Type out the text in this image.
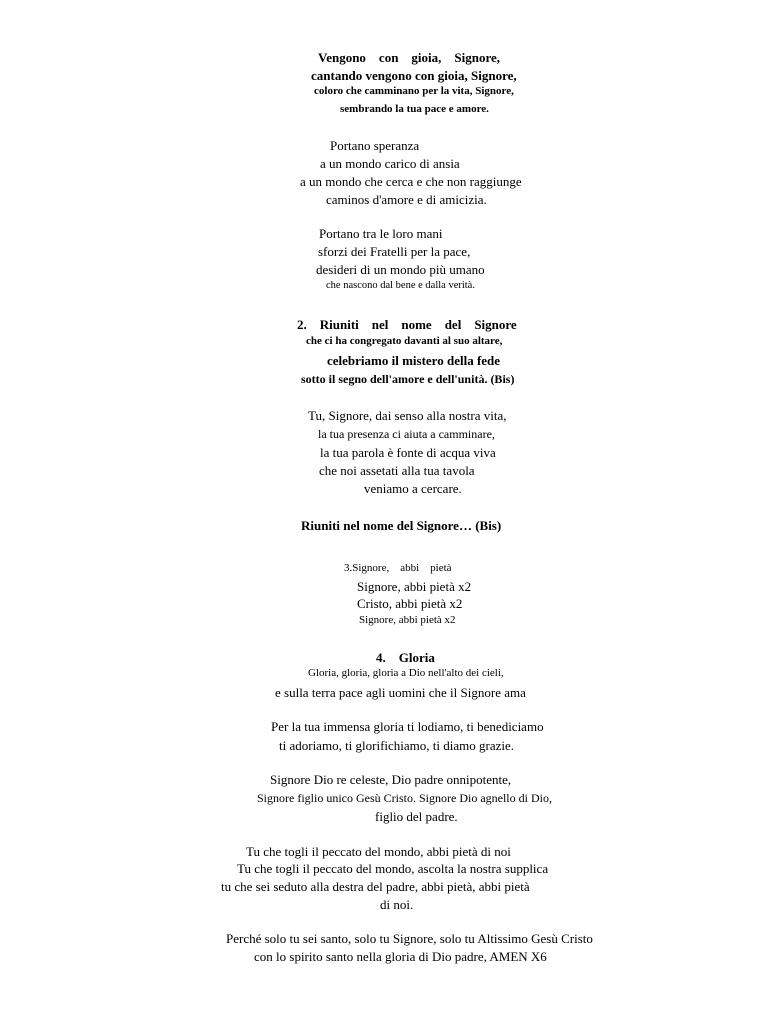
Vengono    con    gioia,    Signore,
cantando vengono con gioia, Signore,
coloro che camminano per la vita, Signore,
sembrando la tua pace e amore.
Portano speranza
a un mondo carico di ansia
a un mondo che cerca e che non raggiunge
caminos d'amore e di amicizia.
Portano tra le loro mani
sforzi dei Fratelli per la pace,
desideri di un mondo più umano
che nascono dal bene e dalla verità.
2.    Riuniti    nel    nome    del    Signore
che ci ha congregato davanti al suo altare,
celebriamo il mistero della fede
sotto il segno dell'amore e dell'unità. (Bis)
Tu, Signore, dai senso alla nostra vita,
la tua presenza ci aiuta a camminare,
la tua parola è fonte di acqua viva
che noi assetati alla tua tavola
veniamo a cercare.
Riuniti nel nome del Signore… (Bis)
3.Signore,    abbi    pietà
Signore, abbi pietà x2
Cristo, abbi pietà x2
Signore, abbi pietà x2
4.    Gloria
Gloria, gloria, gloria a Dio nell'alto dei cieli,
e sulla terra pace agli uomini che il Signore ama
Per la tua immensa gloria ti lodiamo, ti benediciamo
ti adoriamo, ti glorifichiamo, ti diamo grazie.
Signore Dio re celeste, Dio padre onnipotente,
Signore figlio unico Gesù Cristo. Signore Dio agnello di Dio,
figlio del padre.
Tu che togli il peccato del mondo, abbi pietà di noi
Tu che togli il peccato del mondo, ascolta la nostra supplica
tu che sei seduto alla destra del padre, abbi pietà, abbi pietà
di noi.
Perché solo tu sei santo, solo tu Signore, solo tu Altissimo Gesù Cristo
con lo spirito santo nella gloria di Dio padre, AMEN X6
